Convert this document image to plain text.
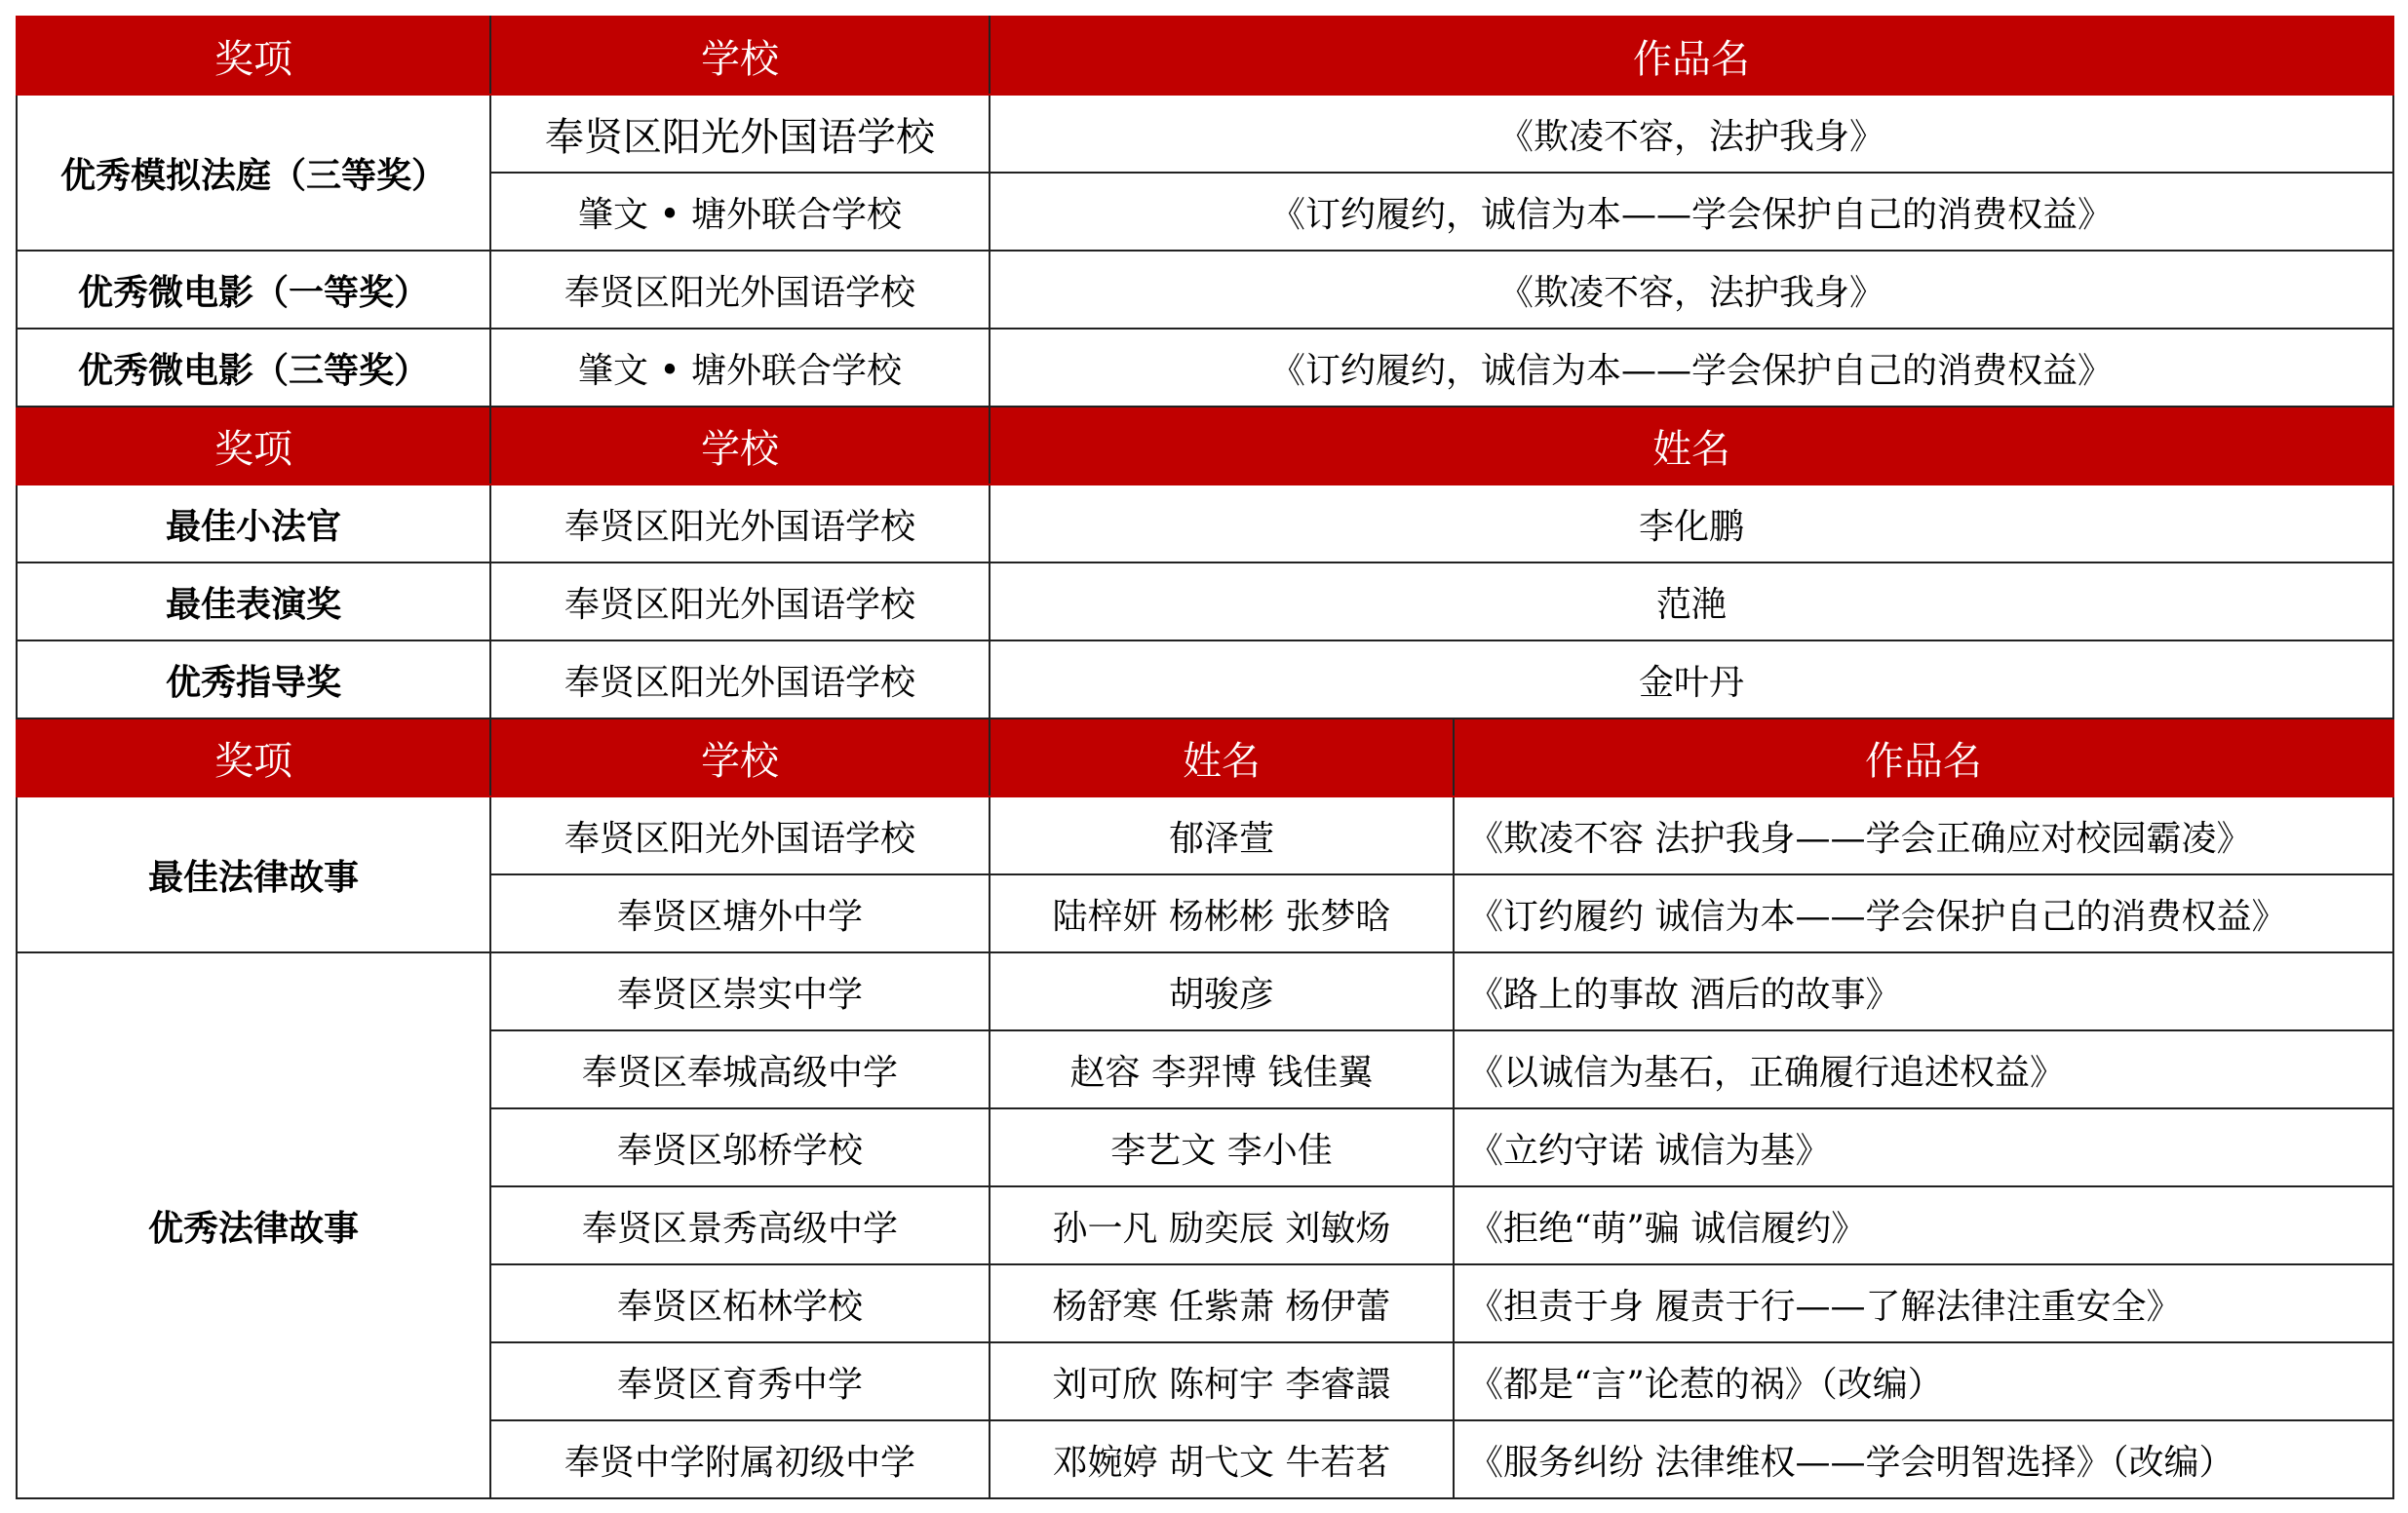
奖项	学校	作品名	
优秀模拟法庭（三等奖）	奉贤区阳光外国语学校	《欺凌不容，法护我身》	
	肇文 • 塘外联合学校	《订约履约，诚信为本——学会保护自己的消费权益》	
优秀微电影（一等奖）	奉贤区阳光外国语学校	《欺凌不容，法护我身》	
优秀微电影（三等奖）	肇文 • 塘外联合学校	《订约履约，诚信为本——学会保护自己的消费权益》	
奖项	学校	姓名	
最佳小法官	奉贤区阳光外国语学校	李化鹏	
最佳表演奖	奉贤区阳光外国语学校	范滟	
优秀指导奖	奉贤区阳光外国语学校	金叶丹	
奖项	学校	姓名	作品名
最佳法律故事	奉贤区阳光外国语学校	郁泽萱	《欺凌不容 法护我身——学会正确应对校园霸凌》
	奉贤区塘外中学	陆梓妍 杨彬彬 张梦晗	《订约履约 诚信为本——学会保护自己的消费权益》
优秀法律故事	奉贤区崇实中学	胡骏彦	《路上的事故 酒后的故事》
	奉贤区奉城高级中学	赵容 李羿博 钱佳翼	《以诚信为基石，正确履行追述权益》
	奉贤区邬桥学校	李艺文 李小佳	《立约守诺 诚信为基》
	奉贤区景秀高级中学	孙一凡 励奕辰 刘敏炀	《拒绝“萌”骗 诚信履约》
	奉贤区柘林学校	杨舒寒 任紫萧 杨伊蕾	《担责于身 履责于行——了解法律注重安全》
	奉贤区育秀中学	刘可欣 陈柯宇 李睿譞	《都是“言”论惹的祸》（改编）
	奉贤中学附属初级中学	邓婉婷 胡弋文 牛若茗	《服务纠纷 法律维权——学会明智选择》（改编）
